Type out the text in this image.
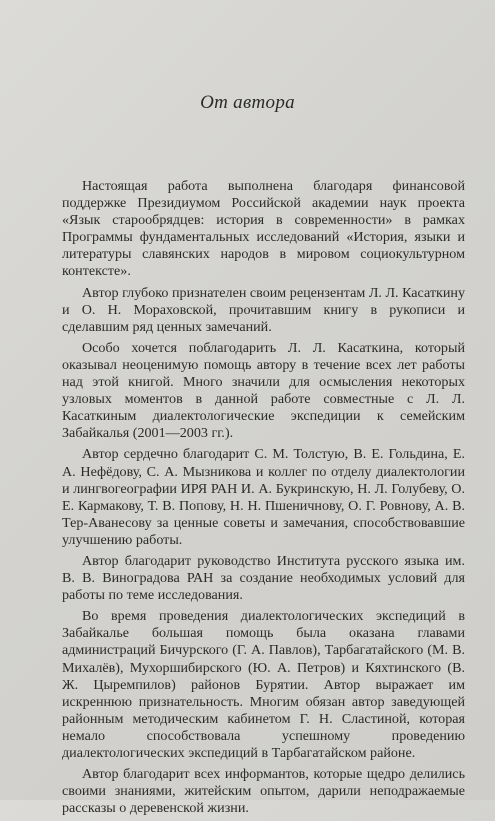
От автора

Настоящая работа выполнена благодаря финансовой поддержке Президиумом Российской академии наук проекта «Язык старообрядцев: история в современности» в рамках Программы фундаментальных исследований «История, языки и литературы славянских народов в мировом социокультурном контексте».

Автор глубоко признателен своим рецензентам Л. Л. Касаткину и О. Н. Мораховской, прочитавшим книгу в рукописи и сделавшим ряд ценных замечаний.

Особо хочется поблагодарить Л. Л. Касаткина, который оказывал неоценимую помощь автору в течение всех лет работы над этой книгой. Много значили для осмысления некоторых узловых моментов в данной работе совместные с Л. Л. Касаткиным диалектологические экспедиции к семейским Забайкалья (2001—2003 гг.).

Автор сердечно благодарит С. М. Толстую, В. Е. Гольдина, Е. А. Нефёдову, С. А. Мызникова и коллег по отделу диалектологии и лингвогеографии ИРЯ РАН И. А. Букринскую, Н. Л. Голубеву, О. Е. Кармакову, Т. В. Попову, Н. Н. Пшеничнову, О. Г. Ровнову, А. В. Тер-Аванесову за ценные советы и замечания, способствовавшие улучшению работы.

Автор благодарит руководство Института русского языка им. В. В. Виноградова РАН за создание необходимых условий для работы по теме исследования.

Во время проведения диалектологических экспедиций в Забайкалье большая помощь была оказана главами администраций Бичурского (Г. А. Павлов), Тарбагатайского (М. В. Михалёв), Мухоршибирского (Ю. А. Петров) и Кяхтинского (В. Ж. Цыремпилов) районов Бурятии. Автор выражает им искреннюю признательность. Многим обязан автор заведующей районным методическим кабинетом Г. Н. Сластиной, которая немало способствовала успешному проведению диалектологических экспедиций в Тарбагатайском районе.

Автор благодарит всех информантов, которые щедро делились своими знаниями, житейским опытом, дарили неподражаемые рассказы о деревенской жизни.
